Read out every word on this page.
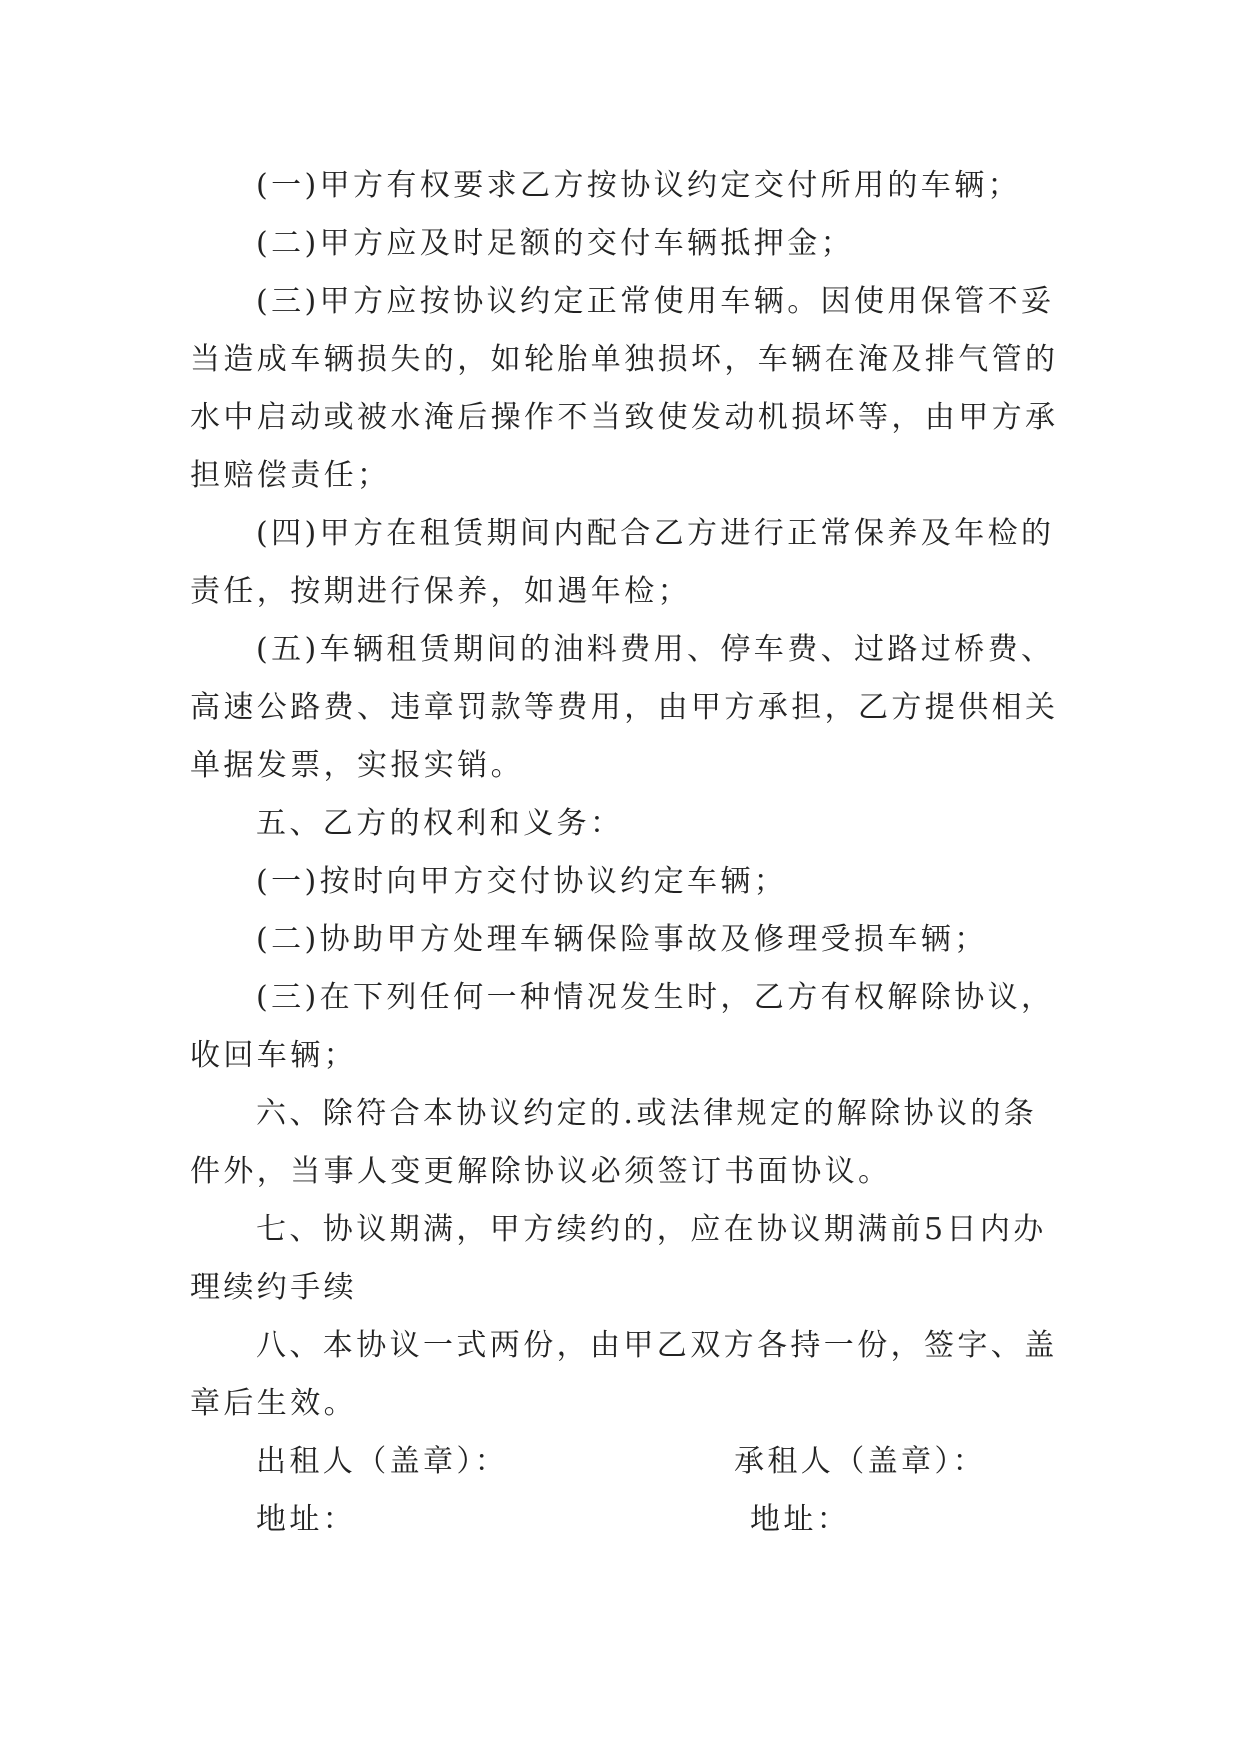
(一)甲方有权要求乙方按协议约定交付所用的车辆；

(二)甲方应及时足额的交付车辆抵押金；

(三)甲方应按协议约定正常使用车辆。因使用保管不妥当造成车辆损失的，如轮胎单独损坏，车辆在淹及排气管的水中启动或被水淹后操作不当致使发动机损坏等，由甲方承担赔偿责任；

(四)甲方在租赁期间内配合乙方进行正常保养及年检的责任，按期进行保养，如遇年检；

(五)车辆租赁期间的油料费用、停车费、过路过桥费、高速公路费、违章罚款等费用，由甲方承担，乙方提供相关单据发票，实报实销。

五、乙方的权利和义务：

(一)按时向甲方交付协议约定车辆；

(二)协助甲方处理车辆保险事故及修理受损车辆；

(三)在下列任何一种情况发生时，乙方有权解除协议，收回车辆；

六、除符合本协议约定的.或法律规定的解除协议的条件外，当事人变更解除协议必须签订书面协议。

七、协议期满，甲方续约的，应在协议期满前5日内办理续约手续

八、本协议一式两份，由甲乙双方各持一份，签字、盖章后生效。

出租人（盖章）：	承租人（盖章）：

地址：	地址：
